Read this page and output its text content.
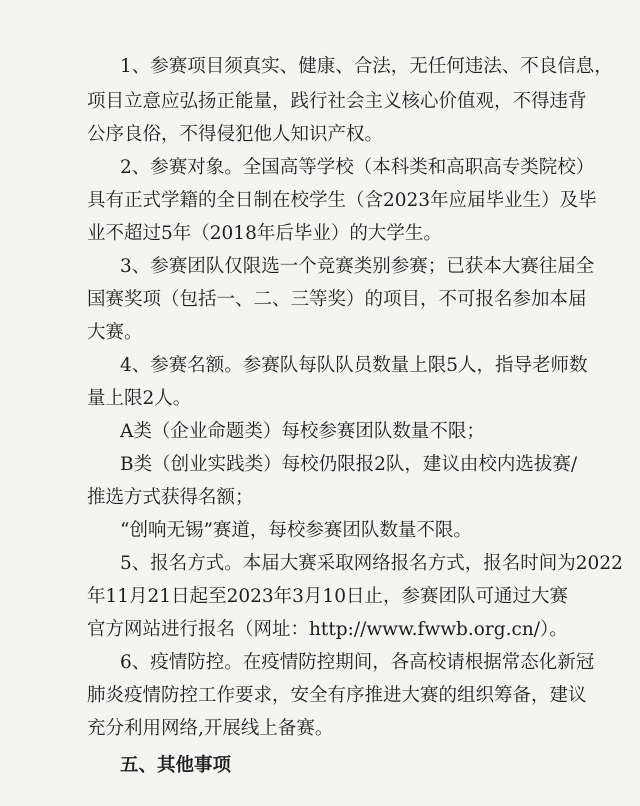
1、参赛项目须真实、健康、合法，无任何违法、不良信息，
项目立意应弘扬正能量，践行社会主义核心价值观，不得违背
公序良俗，不得侵犯他人知识产权。
2、参赛对象。全国高等学校（本科类和高职高专类院校）
具有正式学籍的全日制在校学生（含2023年应届毕业生）及毕
业不超过5年（2018年后毕业）的大学生。
3、参赛团队仅限选一个竞赛类别参赛；已获本大赛往届全
国赛奖项（包括一、二、三等奖）的项目，不可报名参加本届
大赛。
4、参赛名额。参赛队每队队员数量上限5人，指导老师数
量上限2人。
A类（企业命题类）每校参赛团队数量不限；
B类（创业实践类）每校仍限报2队，建议由校内选拔赛/
推选方式获得名额；
“创响无锡”赛道，每校参赛团队数量不限。
5、报名方式。本届大赛采取网络报名方式，报名时间为2022
年11月21日起至2023年3月10日止，参赛团队可通过大赛
官方网站进行报名（网址：http://www.fwwb.org.cn/）。
6、疫情防控。在疫情防控期间，各高校请根据常态化新冠
肺炎疫情防控工作要求，安全有序推进大赛的组织筹备，建议
充分利用网络,开展线上备赛。
五、其他事项
